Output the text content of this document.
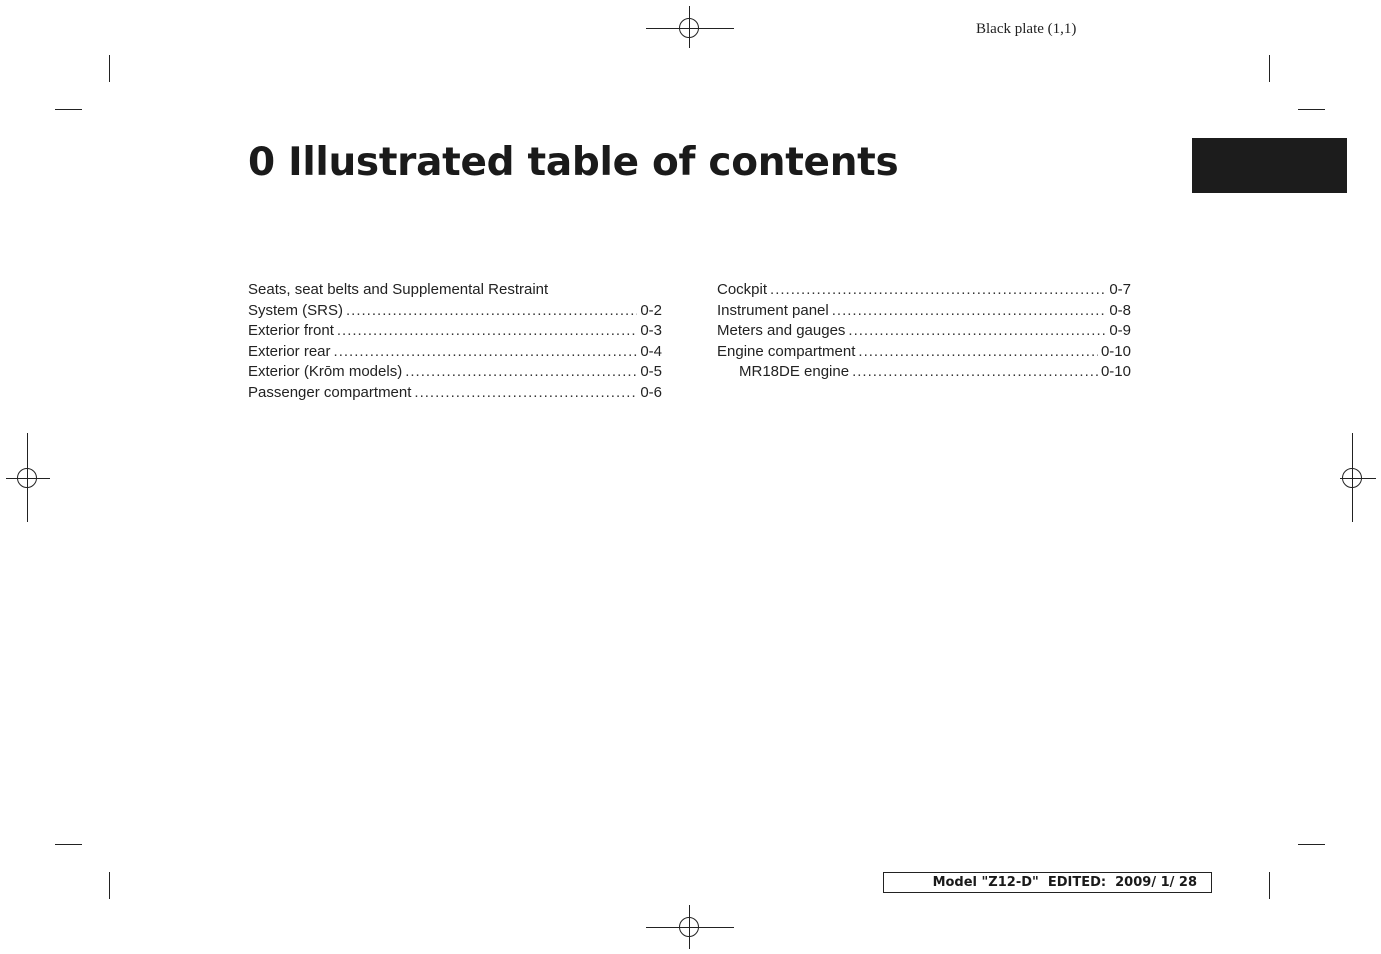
Black plate (1,1)
0 Illustrated table of contents
Seats, seat belts and Supplemental Restraint
System (SRS) .....	0-2
Exterior front .....	0-3
Exterior rear .....	0-4
Exterior (Krōm models) .....	0-5
Passenger compartment .....	0-6
Cockpit .....	0-7
Instrument panel .....	0-8
Meters and gauges .....	0-9
Engine compartment .....	0-10
MR18DE engine .....	0-10
Model "Z12-D"  EDITED:  2009/ 1/ 28
